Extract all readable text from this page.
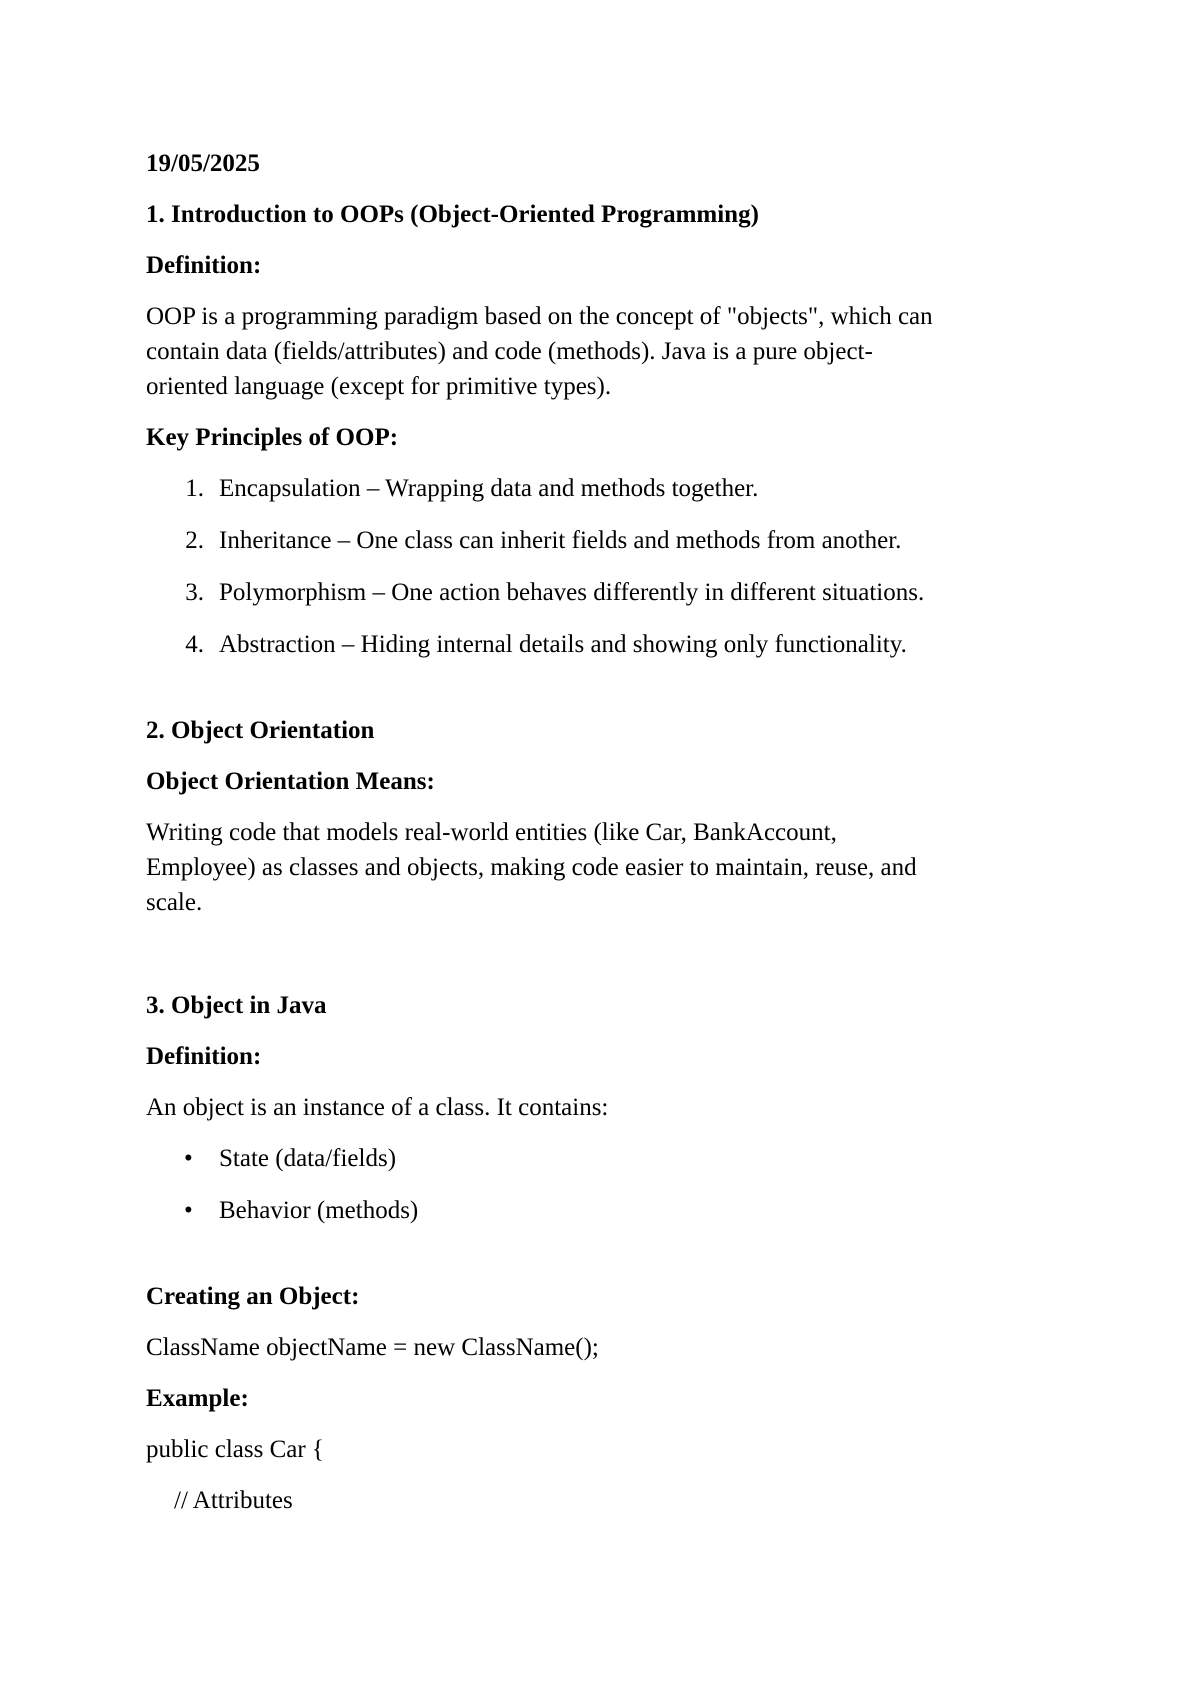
19/05/2025

1. Introduction to OOPs (Object-Oriented Programming)

Definition:

OOP is a programming paradigm based on the concept of "objects", which can
contain data (fields/attributes) and code (methods). Java is a pure object-
oriented language (except for primitive types).

Key Principles of OOP:

1. Encapsulation – Wrapping data and methods together.
2. Inheritance – One class can inherit fields and methods from another.
3. Polymorphism – One action behaves differently in different situations.
4. Abstraction – Hiding internal details and showing only functionality.

2. Object Orientation

Object Orientation Means:

Writing code that models real-world entities (like Car, BankAccount,
Employee) as classes and objects, making code easier to maintain, reuse, and
scale.

3. Object in Java

Definition:

An object is an instance of a class. It contains:

• State (data/fields)
• Behavior (methods)

Creating an Object:

ClassName objectName = new ClassName();

Example:

public class Car {

// Attributes
